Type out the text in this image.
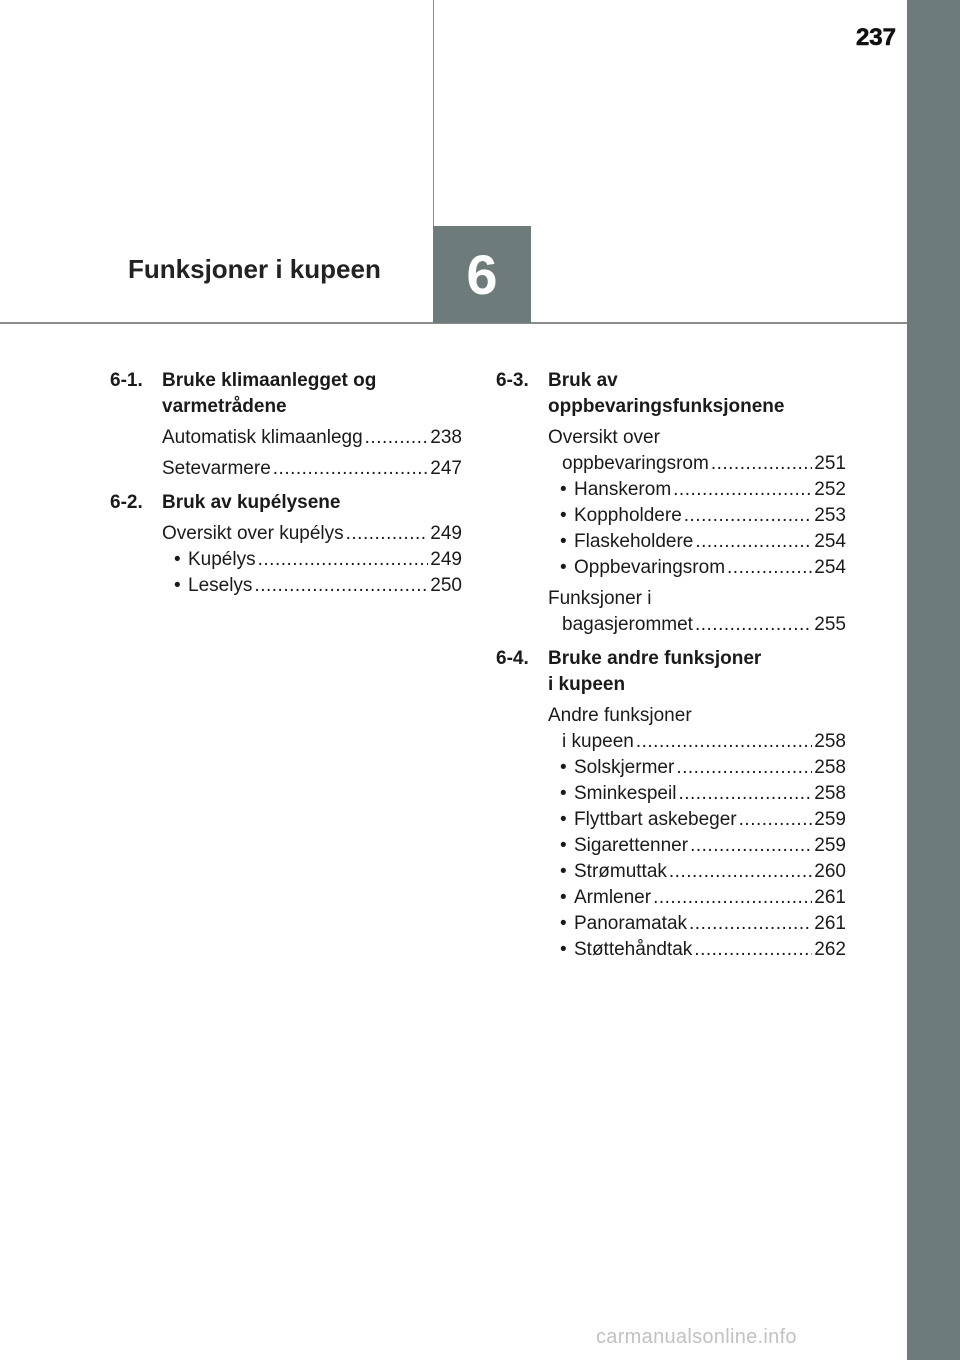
237
Funksjoner i kupeen	6
6-1.	Bruke klimaanlegget og
varmetrådene
Automatisk klimaanlegg .....	238
Setevarmere .....	247
6-2.	Bruk av kupélysene
Oversikt over kupélys .....	249
• Kupélys .....	249
• Leselys .....	250
6-3.	Bruk av
oppbevaringsfunksjonene
Oversikt over
oppbevaringsrom .....	251
• Hanskerom .....	252
• Koppholdere .....	253
• Flaskeholdere .....	254
• Oppbevaringsrom .....	254
Funksjoner i
bagasjerommet .....	255
6-4.	Bruke andre funksjoner
i kupeen
Andre funksjoner
i kupeen .....	258
• Solskjermer .....	258
• Sminkespeil .....	258
• Flyttbart askebeger .....	259
• Sigarettenner .....	259
• Strømuttak .....	260
• Armlener .....	261
• Panoramatak .....	261
• Støttehåndtak .....	262
carmanualsonline.info
